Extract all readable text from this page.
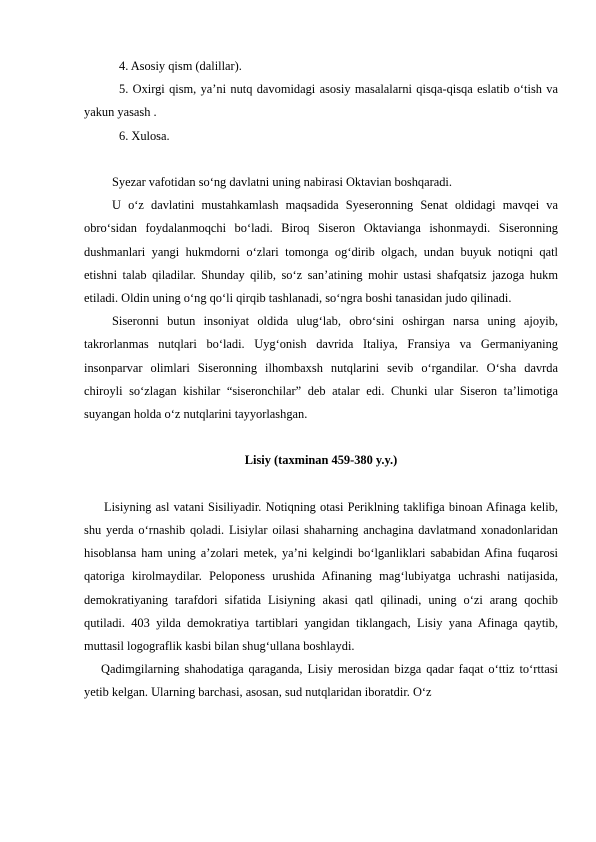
4. Asosiy qism (dalillar).

5. Oxirgi qism, ya’ni nutq davomidagi asosiy masalalarni qisqa-qisqa eslatib o‘tish va yakun yasash .

6. Xulosa.

Syezar vafotidan so‘ng davlatni uning nabirasi Oktavian boshqaradi.

U o‘z davlatini mustahkamlash maqsadida Syeseronning Senat oldidagi mavqei va obro‘sidan foydalanmoqchi bo‘ladi. Biroq Siseron Oktavianga ishonmaydi. Siseronning dushmanlari yangi hukmdorni o‘zlari tomonga og‘dirib olgach, undan buyuk notiqni qatl etishni talab qiladilar. Shunday qilib, so‘z san’atining mohir ustasi shafqatsiz jazoga hukm etiladi. Oldin uning o‘ng qo‘li qirqib tashlanadi, so‘ngra boshi tanasidan judo qilinadi.

Siseronni butun insoniyat oldida ulug‘lab, obro‘sini oshirgan narsa uning ajoyib, takrorlanmas nutqlari bo‘ladi. Uyg‘onish davrida Italiya, Fransiya va Germaniyaning insonparvar olimlari Siseronning ilhombaxsh nutqlarini sevib o‘rgandilar. O‘sha davrda chiroyli so‘zlagan kishilar “siseronchilar” deb atalar edi. Chunki ular Siseron ta’limotiga suyangan holda o‘z nutqlarini tayyorlashgan.

Lisiy (taxminan 459-380 y.y.)

Lisiyning asl vatani Sisiliyadir. Notiqning otasi Periklning taklifiga binoan Afinaga kelib, shu yerda o‘rnashib qoladi. Lisiylar oilasi shaharning anchagina davlatmand xonadonlaridan hisoblansa ham uning a’zolari metek, ya’ni kelgindi bo‘lganliklari sababidan Afina fuqarosi qatoriga kirolmaydilar. Peloponess urushida Afinaning mag‘lubiyatga uchrashi natijasida, demokratiyaning tarafdori sifatida Lisiyning akasi qatl qilinadi, uning o‘zi arang qochib qutiladi. 403 yilda demokratiya tartiblari yangidan tiklangach, Lisiy yana Afinaga qaytib, muttasil logograflik kasbi bilan shug‘ullana boshlaydi.

Qadimgilarning shahodatiga qaraganda, Lisiy merosidan bizga qadar faqat o‘ttiz to‘rttasi yetib kelgan. Ularning barchasi, asosan, sud nutqlaridan iboratdir. O‘z
